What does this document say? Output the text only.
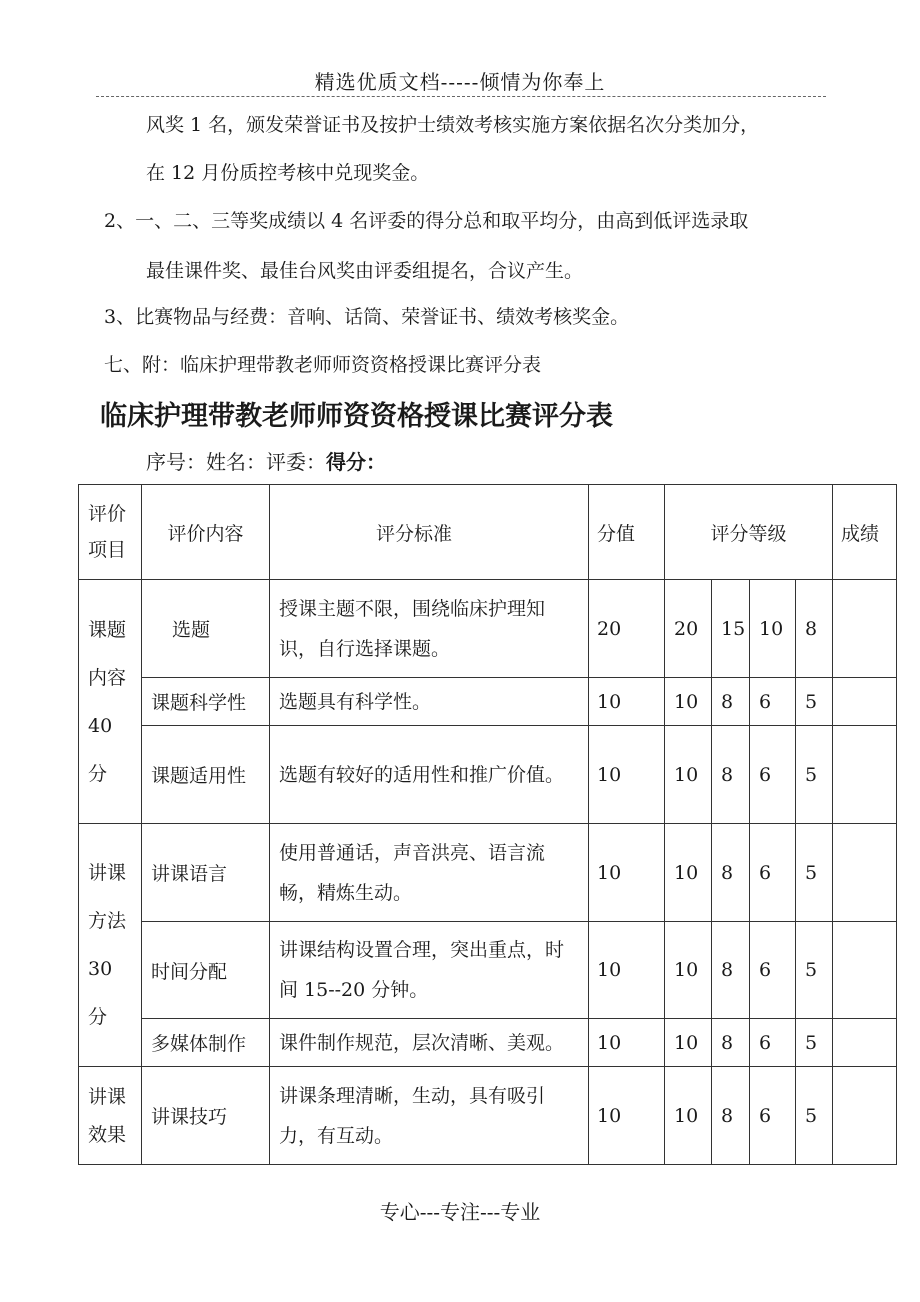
精选优质文档-----倾情为你奉上
风奖 1 名，颁发荣誉证书及按护士绩效考核实施方案依据名次分类加分，
在 12 月份质控考核中兑现奖金。
2、一、二、三等奖成绩以 4 名评委的得分总和取平均分，由高到低评选录取
最佳课件奖、最佳台风奖由评委组提名，合议产生。
3、比赛物品与经费：音响、话筒、荣誉证书、绩效考核奖金。
七、附：临床护理带教老师师资资格授课比赛评分表
临床护理带教老师师资资格授课比赛评分表
序号：姓名：评委：得分：
评价项目	评价内容	评分标准	分值	评分等级				成绩

课题内容40分	选题	授课主题不限，围绕临床护理知识，自行选择课题。	20	20	15	10	8	
	课题科学性	选题具有科学性。	10	10	8	6	5	
	课题适用性	选题有较好的适用性和推广价值。	10	10	8	6	5	

讲课方法30分	讲课语言	使用普通话，声音洪亮、语言流畅，精炼生动。	10	10	8	6	5	
	时间分配	讲课结构设置合理，突出重点，时间 15--20 分钟。	10	10	8	6	5	
	多媒体制作	课件制作规范，层次清晰、美观。	10	10	8	6	5	

讲课效果	讲课技巧	讲课条理清晰，生动，具有吸引力，有互动。	10	10	8	6	5	
专心---专注---专业
